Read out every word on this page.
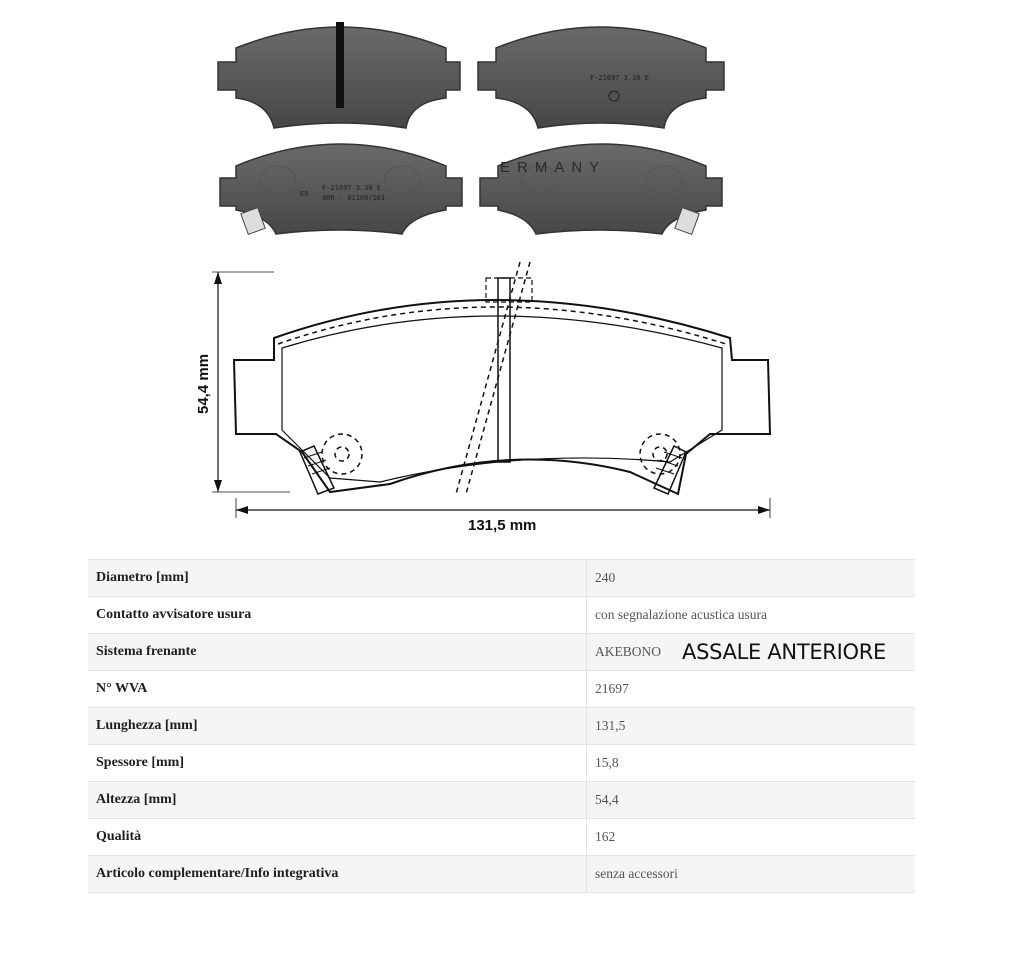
F-21697 3.30 E
F-21697 3.30 E
90R - 01108/101
E9
ERMANY
54,4 mm
131,5 mm
Diametro [mm]	240
Contatto avvisatore usura	con segnalazione acustica usura
Sistema frenante	AKEBONO ASSALE ANTERIORE

N° WVA	21697
Lunghezza [mm]	131,5
Spessore [mm]	15,8
Altezza [mm]	54,4
Qualità	162
Articolo complementare/Info integrativa	senza accessori
